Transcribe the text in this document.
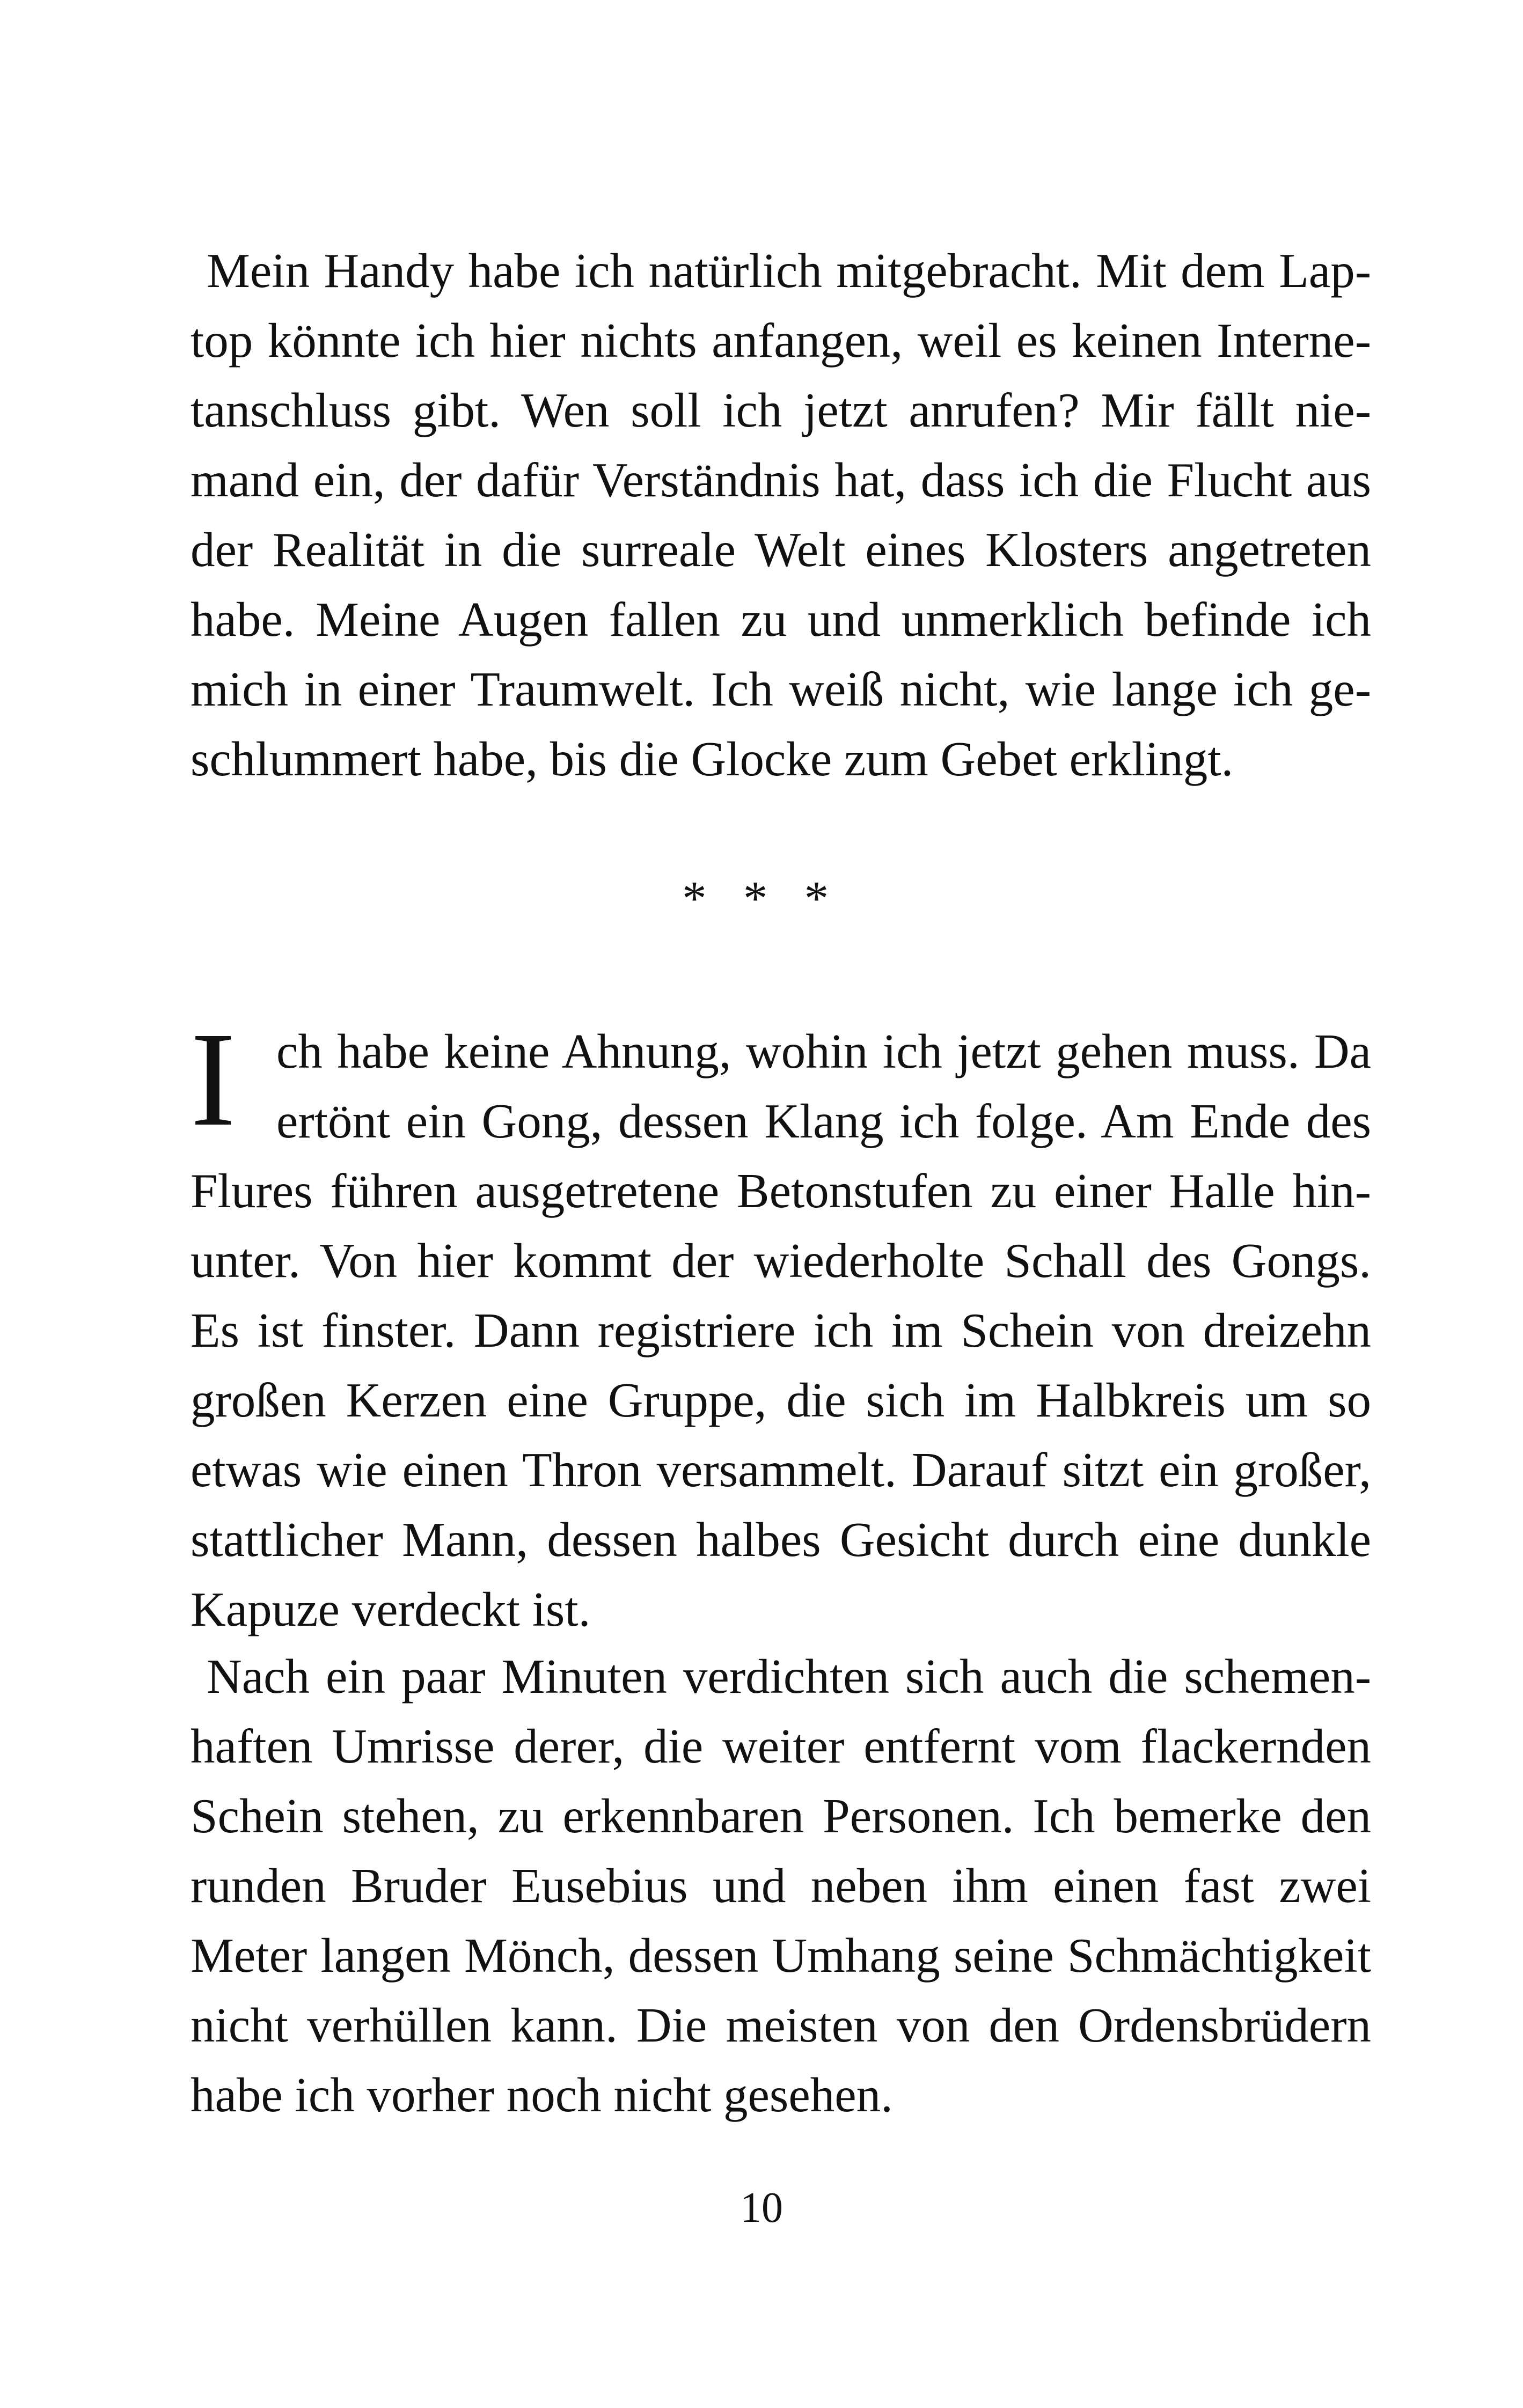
Mein Handy habe ich natürlich mitgebracht. Mit dem Lap-
top könnte ich hier nichts anfangen, weil es keinen Interne-
tanschluss gibt. Wen soll ich jetzt anrufen? Mir fällt nie-
mand ein, der dafür Verständnis hat, dass ich die Flucht aus
der Realität in die surreale Welt eines Klosters angetreten
habe. Meine Augen fallen zu und unmerklich befinde ich
mich in einer Traumwelt. Ich weiß nicht, wie lange ich ge-
schlummert habe, bis die Glocke zum Gebet erklingt.
* * *
I ch habe keine Ahnung, wohin ich jetzt gehen muss. Da
ertönt ein Gong, dessen Klang ich folge. Am Ende des
Flures führen ausgetretene Betonstufen zu einer Halle hin-
unter. Von hier kommt der wiederholte Schall des Gongs.
Es ist finster. Dann registriere ich im Schein von dreizehn
großen Kerzen eine Gruppe, die sich im Halbkreis um so
etwas wie einen Thron versammelt. Darauf sitzt ein großer,
stattlicher Mann, dessen halbes Gesicht durch eine dunkle
Kapuze verdeckt ist.
Nach ein paar Minuten verdichten sich auch die schemen-
haften Umrisse derer, die weiter entfernt vom flackernden
Schein stehen, zu erkennbaren Personen. Ich bemerke den
runden Bruder Eusebius und neben ihm einen fast zwei
Meter langen Mönch, dessen Umhang seine Schmächtigkeit
nicht verhüllen kann. Die meisten von den Ordensbrüdern
habe ich vorher noch nicht gesehen.
10
